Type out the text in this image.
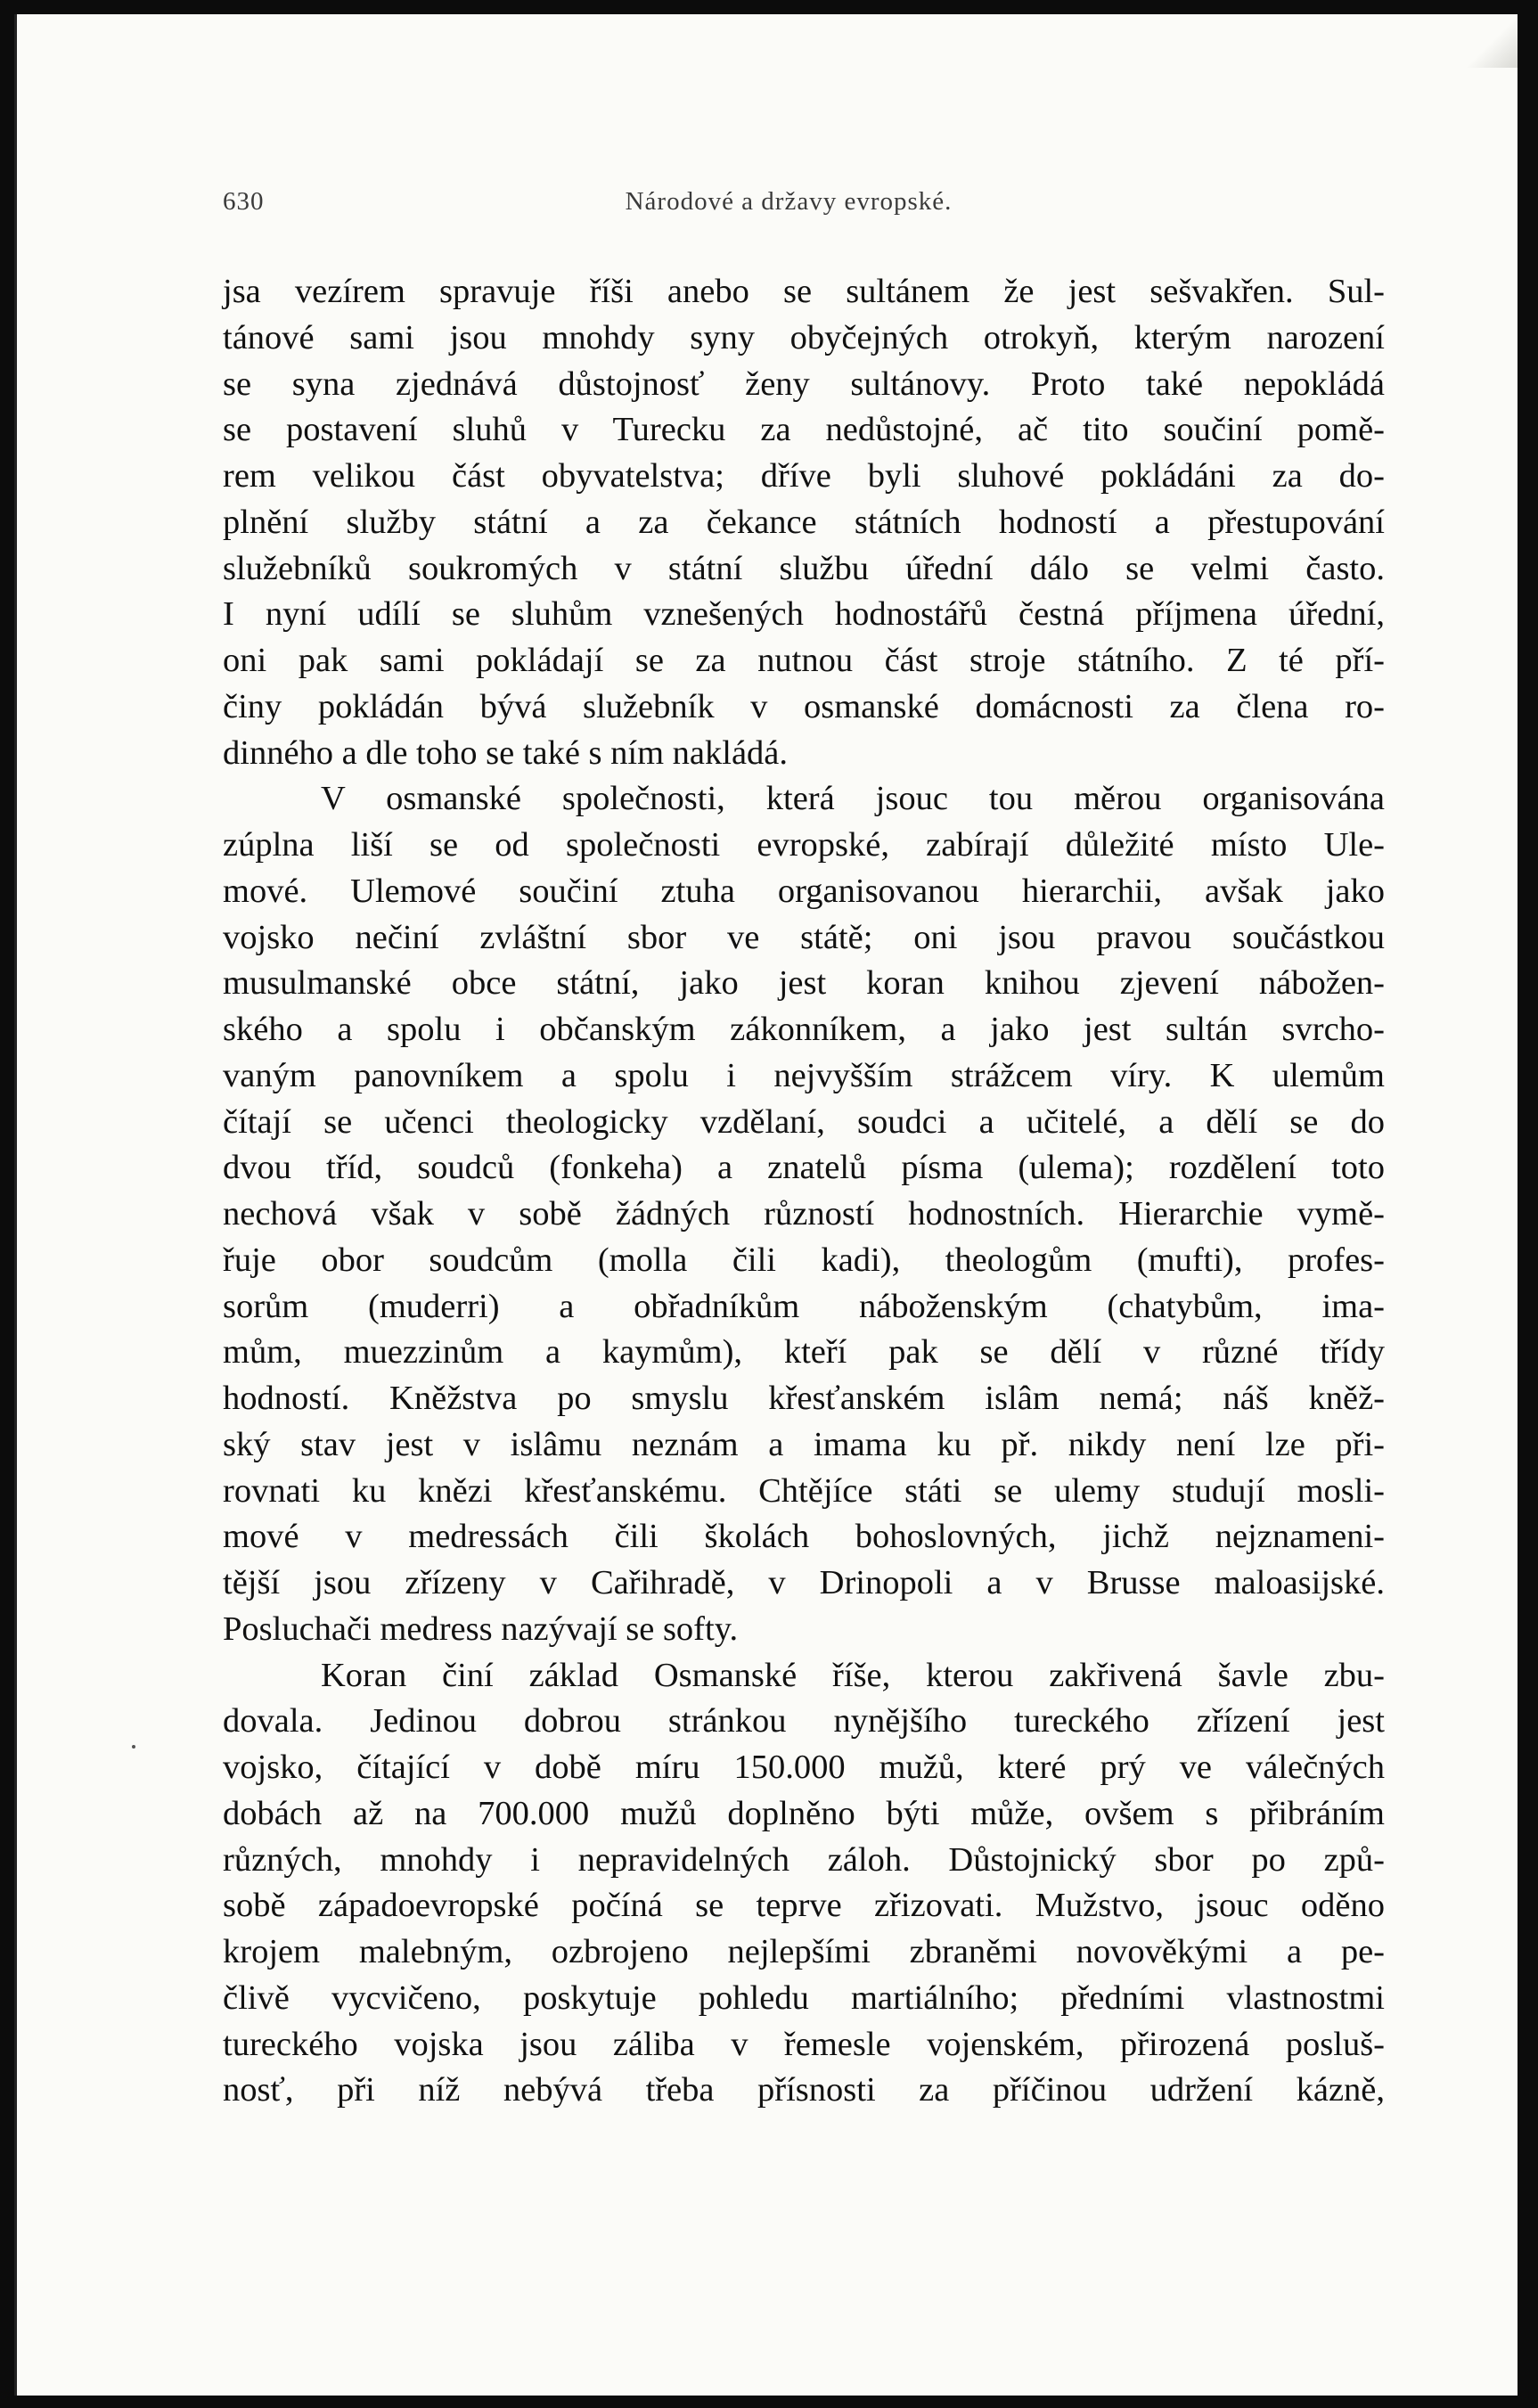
630	Národové a državy evropské.
jsa vezírem spravuje říši anebo se sultánem že jest sešvakřen. Sul-
tánové sami jsou mnohdy syny obyčejných otrokyň, kterým narození
se syna zjednává důstojnosť ženy sultánovy. Proto také nepokládá
se postavení sluhů v Turecku za nedůstojné, ač tito součiní pomě-
rem velikou část obyvatelstva; dříve byli sluhové pokládáni za do-
plnění služby státní a za čekance státních hodností a přestupování
služebníků soukromých v státní službu úřední dálo se velmi často.
I nyní udílí se sluhům vznešených hodnostářů čestná příjmena úřední,
oni pak sami pokládají se za nutnou část stroje státního. Z té pří-
činy pokládán bývá služebník v osmanské domácnosti za člena ro-
dinného a dle toho se také s ním nakládá.
V osmanské společnosti, která jsouc tou měrou organisována
zúplna liší se od společnosti evropské, zabírají důležité místo Ule-
mové. Ulemové součiní ztuha organisovanou hierarchii, avšak jako
vojsko nečiní zvláštní sbor ve státě; oni jsou pravou součástkou
musulmanské obce státní, jako jest koran knihou zjevení nábožen-
ského a spolu i občanským zákonníkem, a jako jest sultán svrcho-
vaným panovníkem a spolu i nejvyšším strážcem víry. K ulemům
čítají se učenci theologicky vzdělaní, soudci a učitelé, a dělí se do
dvou tříd, soudců (fonkeha) a znatelů písma (ulema); rozdělení toto
nechová však v sobě žádných růzností hodnostních. Hierarchie vymě-
řuje obor soudcům (molla čili kadi), theologům (mufti), profes-
sorům (muderri) a obřadníkům náboženským (chatybům, ima-
mům, muezzinům a kaymům), kteří pak se dělí v různé třídy
hodností. Kněžstva po smyslu křesťanském islâm nemá; náš kněž-
ský stav jest v islâmu neznám a imama ku př. nikdy není lze při-
rovnati ku knězi křesťanskému. Chtějíce státi se ulemy studují mosli-
mové v medressách čili školách bohoslovných, jichž nejznameni-
tější jsou zřízeny v Cařihradě, v Drinopoli a v Brusse maloasijské.
Posluchači medress nazývají se softy.
Koran činí základ Osmanské říše, kterou zakřivená šavle zbu-
dovala. Jedinou dobrou stránkou nynějšího tureckého zřízení jest
vojsko, čítající v době míru 150.000 mužů, které prý ve válečných
dobách až na 700.000 mužů doplněno býti může, ovšem s přibráním
různých, mnohdy i nepravidelných záloh. Důstojnický sbor po způ-
sobě západoevropské počíná se teprve zřizovati. Mužstvo, jsouc oděno
krojem malebným, ozbrojeno nejlepšími zbraněmi novověkými a pe-
člivě vycvičeno, poskytuje pohledu martiálního; předními vlastnostmi
tureckého vojska jsou záliba v řemesle vojenském, přirozená posluš-
nosť, při níž nebývá třeba přísnosti za příčinou udržení kázně,
